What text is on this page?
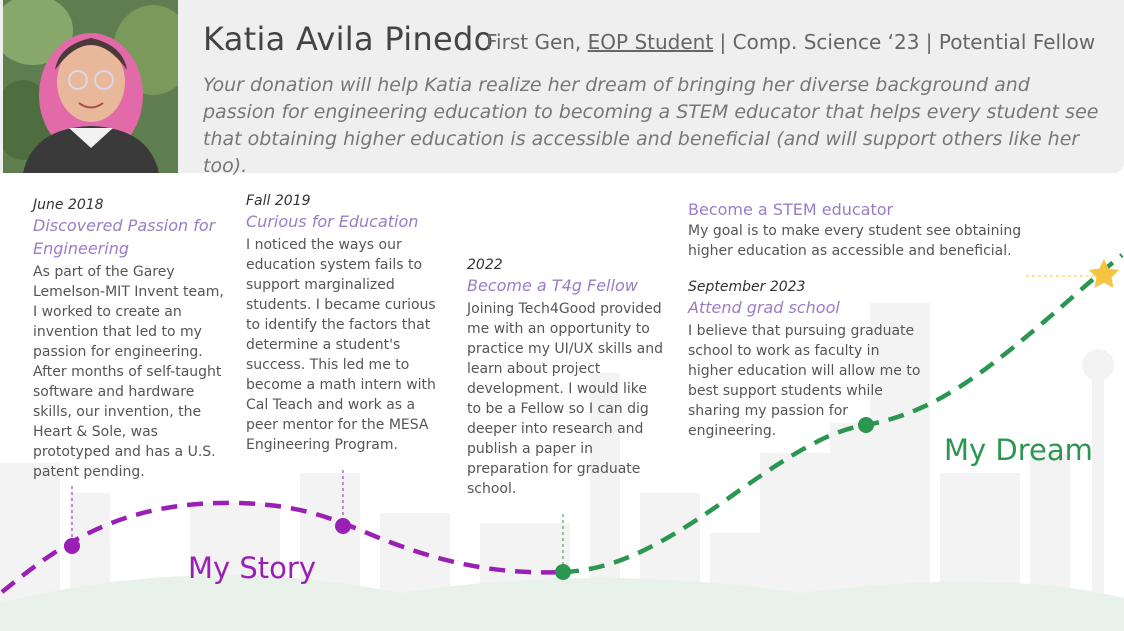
Katia Avila Pinedo
First Gen, EOP Student | Comp. Science ‘23 | Potential Fellow
Your donation will help Katia realize her dream of bringing her diverse background and passion for engineering education to becoming a STEM educator that helps every student see that obtaining higher education is accessible and beneficial (and will support others like her too).
June 2018
Discovered Passion for Engineering
As part of the Garey Lemelson-MIT Invent team, I worked to create an invention that led to my passion for engineering. After months of self-taught software and hardware skills, our invention, the Heart & Sole, was prototyped and has a U.S. patent pending.
Fall 2019
Curious for Education
I noticed the ways our education system fails to support marginalized students. I became curious to identify the factors that determine a student's success. This led me to become a math intern with Cal Teach and work as a peer mentor for the MESA Engineering Program.
2022
Become a T4g Fellow
Joining Tech4Good provided me with an opportunity to practice my UI/UX skills and learn about project development. I would like to be a Fellow so I can dig deeper into research and publish a paper in preparation for graduate school.
Become a STEM educator
My goal is to make every student see obtaining higher education as accessible and beneficial.
September 2023
Attend grad school
I believe that pursuing graduate school to work as faculty in higher education will allow me to best support students while sharing my passion for engineering.
My Story
My Dream
